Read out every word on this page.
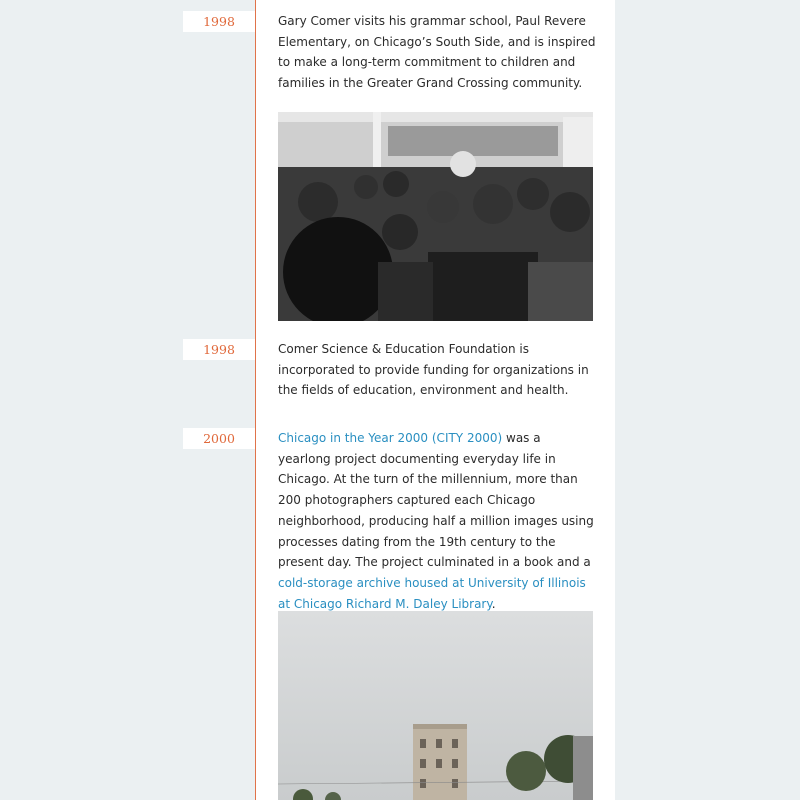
1998	Gary Comer visits his grammar school, Paul Revere Elementary, on Chicago’s South Side, and is inspired to make a long-term commitment to children and families in the Greater Grand Crossing community.

1998	Comer Science & Education Foundation is incorporated to provide funding for organizations in the fields of education, environment and health.

2000	Chicago in the Year 2000 (CITY 2000) was a yearlong project documenting everyday life in Chicago. At the turn of the millennium, more than 200 photographers captured each Chicago neighborhood, producing half a million images using processes dating from the 19th century to the present day. The project culminated in a book and a cold-storage archive housed at University of Illinois at Chicago Richard M. Daley Library.
